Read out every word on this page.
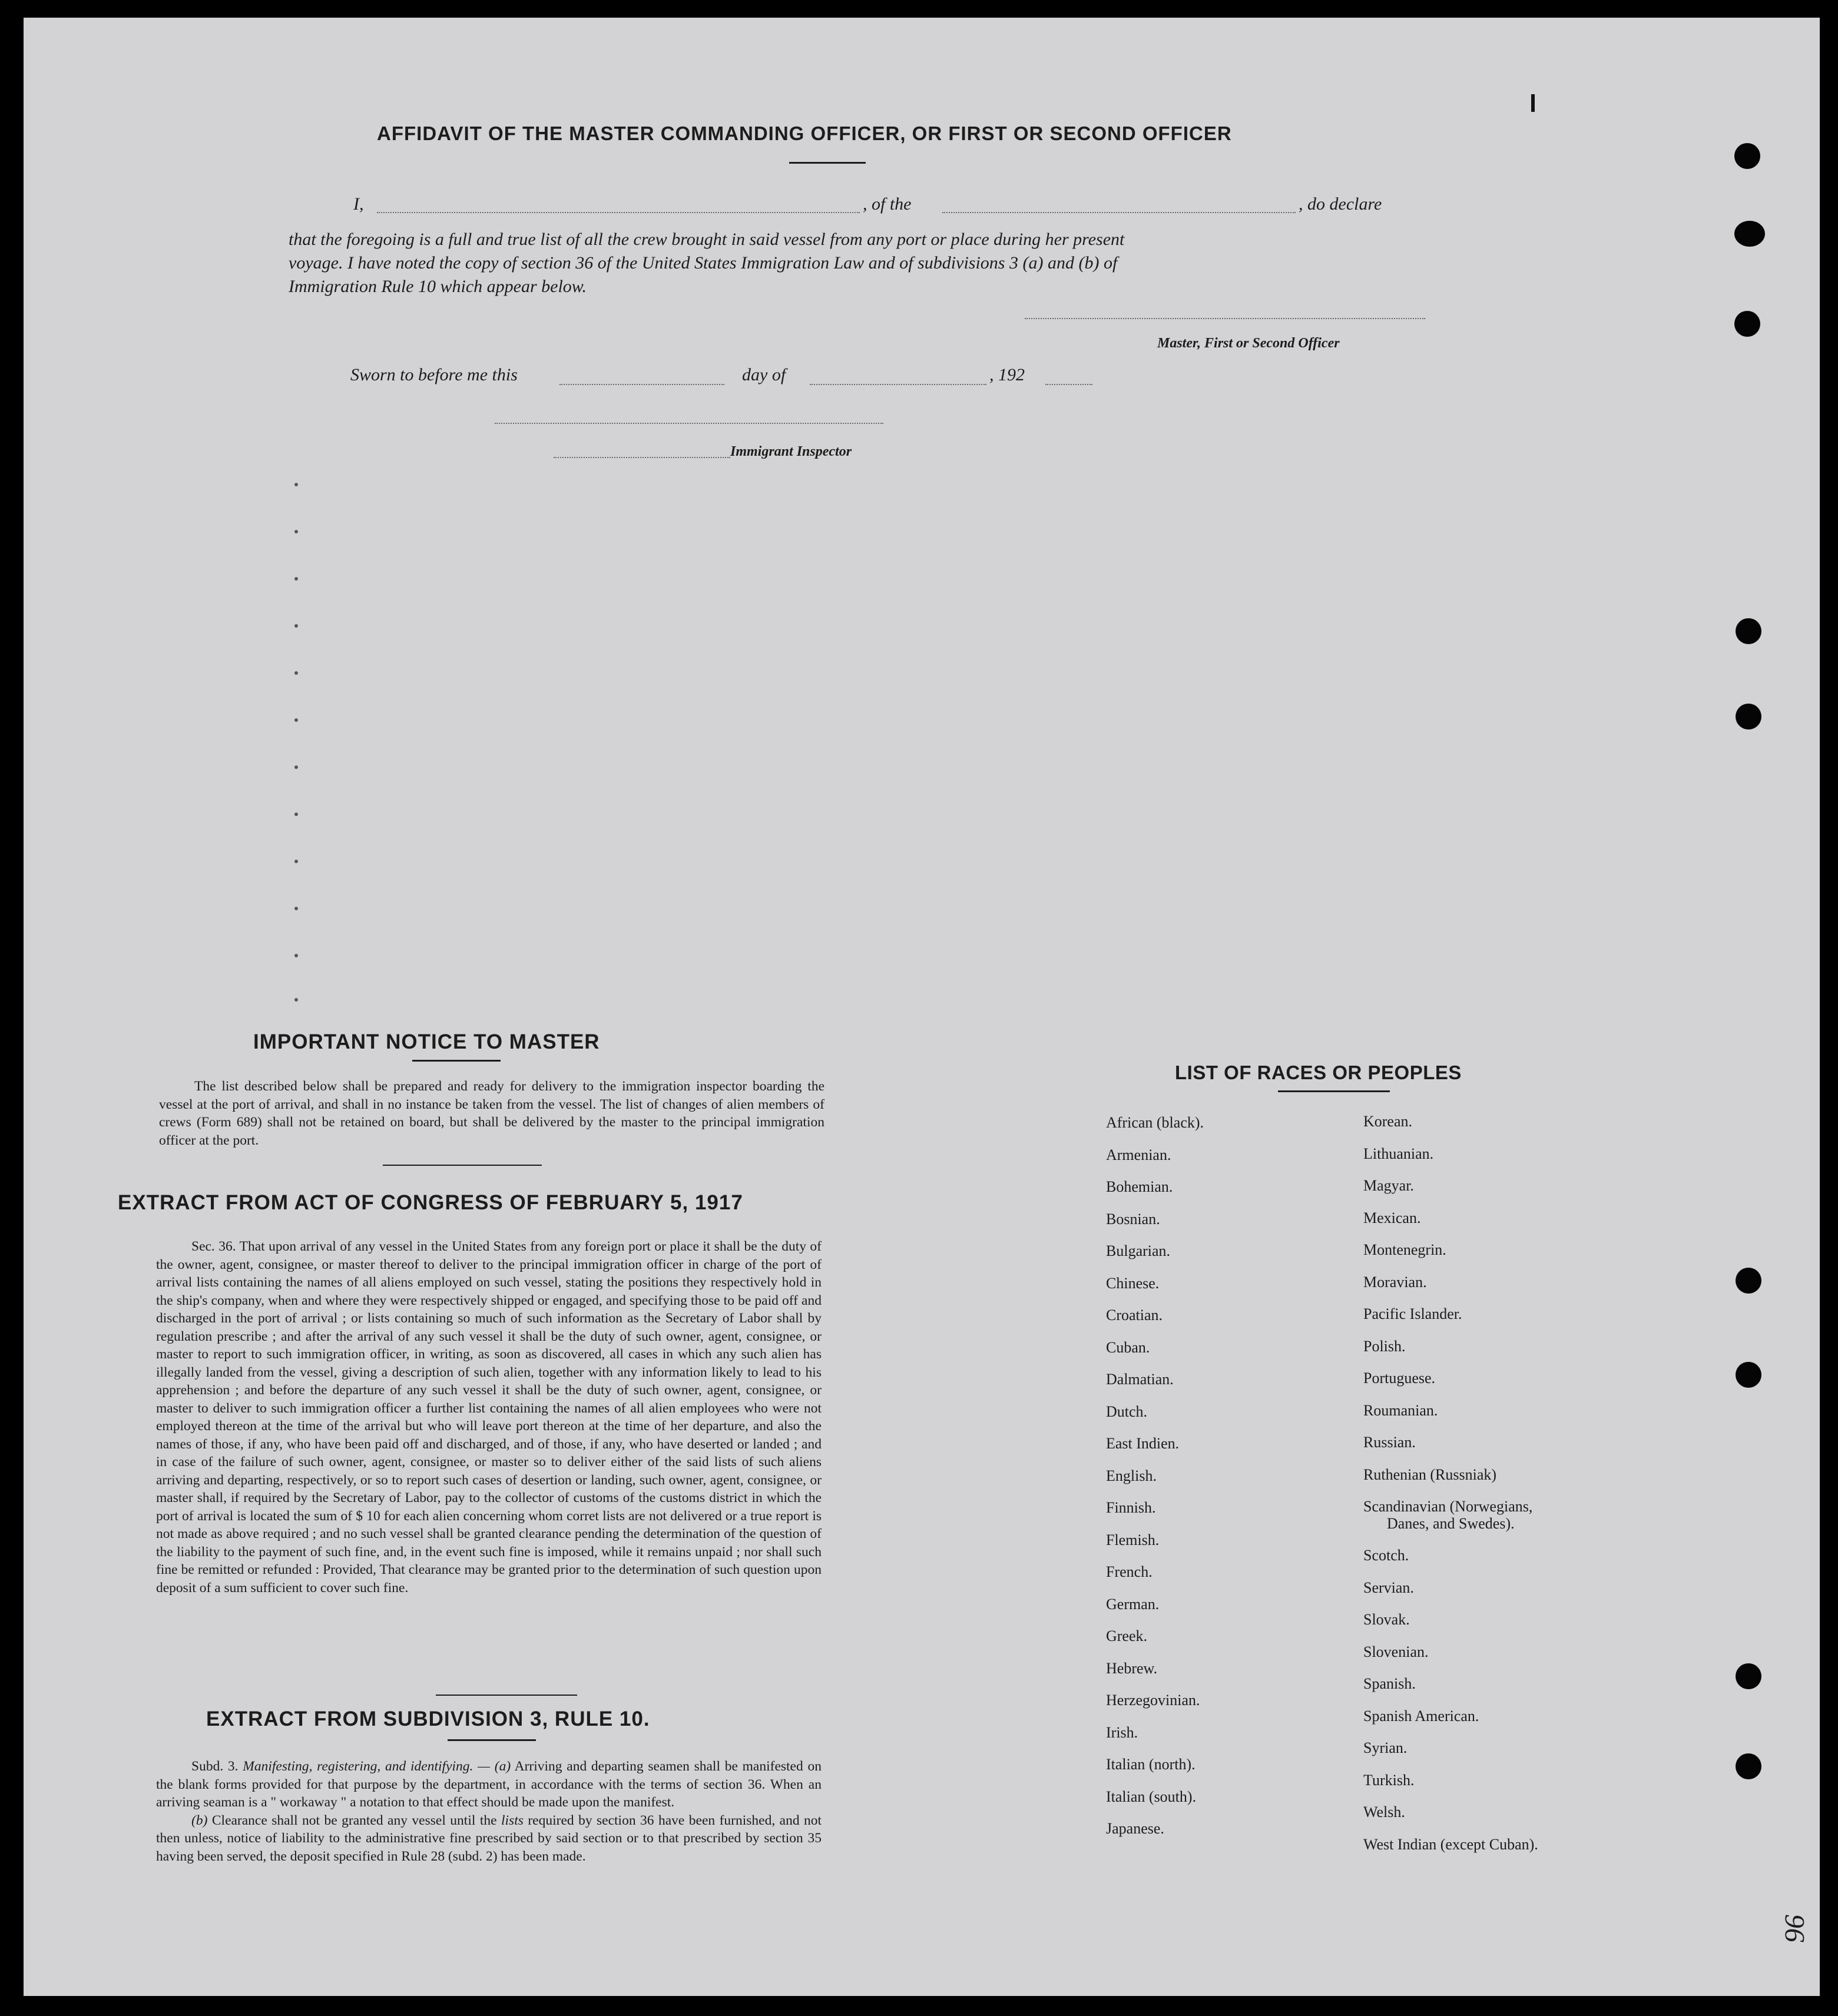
AFFIDAVIT OF THE MASTER COMMANDING OFFICER, OR FIRST OR SECOND OFFICER
I,	, of the	, do declare
that the foregoing is a full and true list of all the crew brought in said vessel from any port or place during her present
voyage. I have noted the copy of section 36 of the United States Immigration Law and of subdivisions 3 (a) and (b) of
Immigration Rule 10 which appear below.
Master, First or Second Officer
Sworn to before me this	day of	, 192
Immigrant Inspector
IMPORTANT NOTICE TO MASTER
The list described below shall be prepared and ready for delivery to the immigration inspector boarding the vessel at the port of arrival, and shall in no instance be taken from the vessel. The list of changes of alien members of crews (Form 689) shall not be retained on board, but shall be delivered by the master to the principal immigration officer at the port.
EXTRACT FROM ACT OF CONGRESS OF FEBRUARY 5, 1917
Sec. 36. That upon arrival of any vessel in the United States from any foreign port or place it shall be the duty of the owner, agent, consignee, or master thereof to deliver to the principal immigration officer in charge of the port of arrival lists containing the names of all aliens employed on such vessel, stating the positions they respectively hold in the ship's company, when and where they were respectively shipped or engaged, and specifying those to be paid off and discharged in the port of arrival ; or lists containing so much of such information as the Secretary of Labor shall by regulation prescribe ; and after the arrival of any such vessel it shall be the duty of such owner, agent, consignee, or master to report to such immigration officer, in writing, as soon as discovered, all cases in which any such alien has illegally landed from the vessel, giving a description of such alien, together with any information likely to lead to his apprehension ; and before the departure of any such vessel it shall be the duty of such owner, agent, consignee, or master to deliver to such immigration officer a further list containing the names of all alien employees who were not employed thereon at the time of the arrival but who will leave port thereon at the time of her departure, and also the names of those, if any, who have been paid off and discharged, and of those, if any, who have deserted or landed ; and in case of the failure of such owner, agent, consignee, or master so to deliver either of the said lists of such aliens arriving and departing, respectively, or so to report such cases of desertion or landing, such owner, agent, consignee, or master shall, if required by the Secretary of Labor, pay to the collector of customs of the customs district in which the port of arrival is located the sum of $ 10 for each alien concerning whom corret lists are not delivered or a true report is not made as above required ; and no such vessel shall be granted clearance pending the determination of the question of the liability to the payment of such fine, and, in the event such fine is imposed, while it remains unpaid ; nor shall such fine be remitted or refunded : Provided, That clearance may be granted prior to the determination of such question upon deposit of a sum sufficient to cover such fine.
EXTRACT FROM SUBDIVISION 3, RULE 10.
Subd. 3. Manifesting, registering, and identifying. — (a) Arriving and departing seamen shall be manifested on the blank forms provided for that purpose by the department, in accordance with the terms of section 36. When an arriving seaman is a " workaway " a notation to that effect should be made upon the manifest.
(b) Clearance shall not be granted any vessel until the lists required by section 36 have been furnished, and not then unless, notice of liability to the administrative fine prescribed by said section or to that prescribed by section 35 having been served, the deposit specified in Rule 28 (subd. 2) has been made.
LIST OF RACES OR PEOPLES
African (black).
Armenian.
Bohemian.
Bosnian.
Bulgarian.
Chinese.
Croatian.
Cuban.
Dalmatian.
Dutch.
East Indien.
English.
Finnish.
Flemish.
French.
German.
Greek.
Hebrew.
Herzegovinian.
Irish.
Italian (north).
Italian (south).
Japanese.
Korean.
Lithuanian.
Magyar.
Mexican.
Montenegrin.
Moravian.
Pacific Islander.
Polish.
Portuguese.
Roumanian.
Russian.
Ruthenian (Russniak)
Scandinavian (Norwegians,
Danes, and Swedes).
Scotch.
Servian.
Slovak.
Slovenian.
Spanish.
Spanish American.
Syrian.
Turkish.
Welsh.
West Indian (except Cuban).
96
